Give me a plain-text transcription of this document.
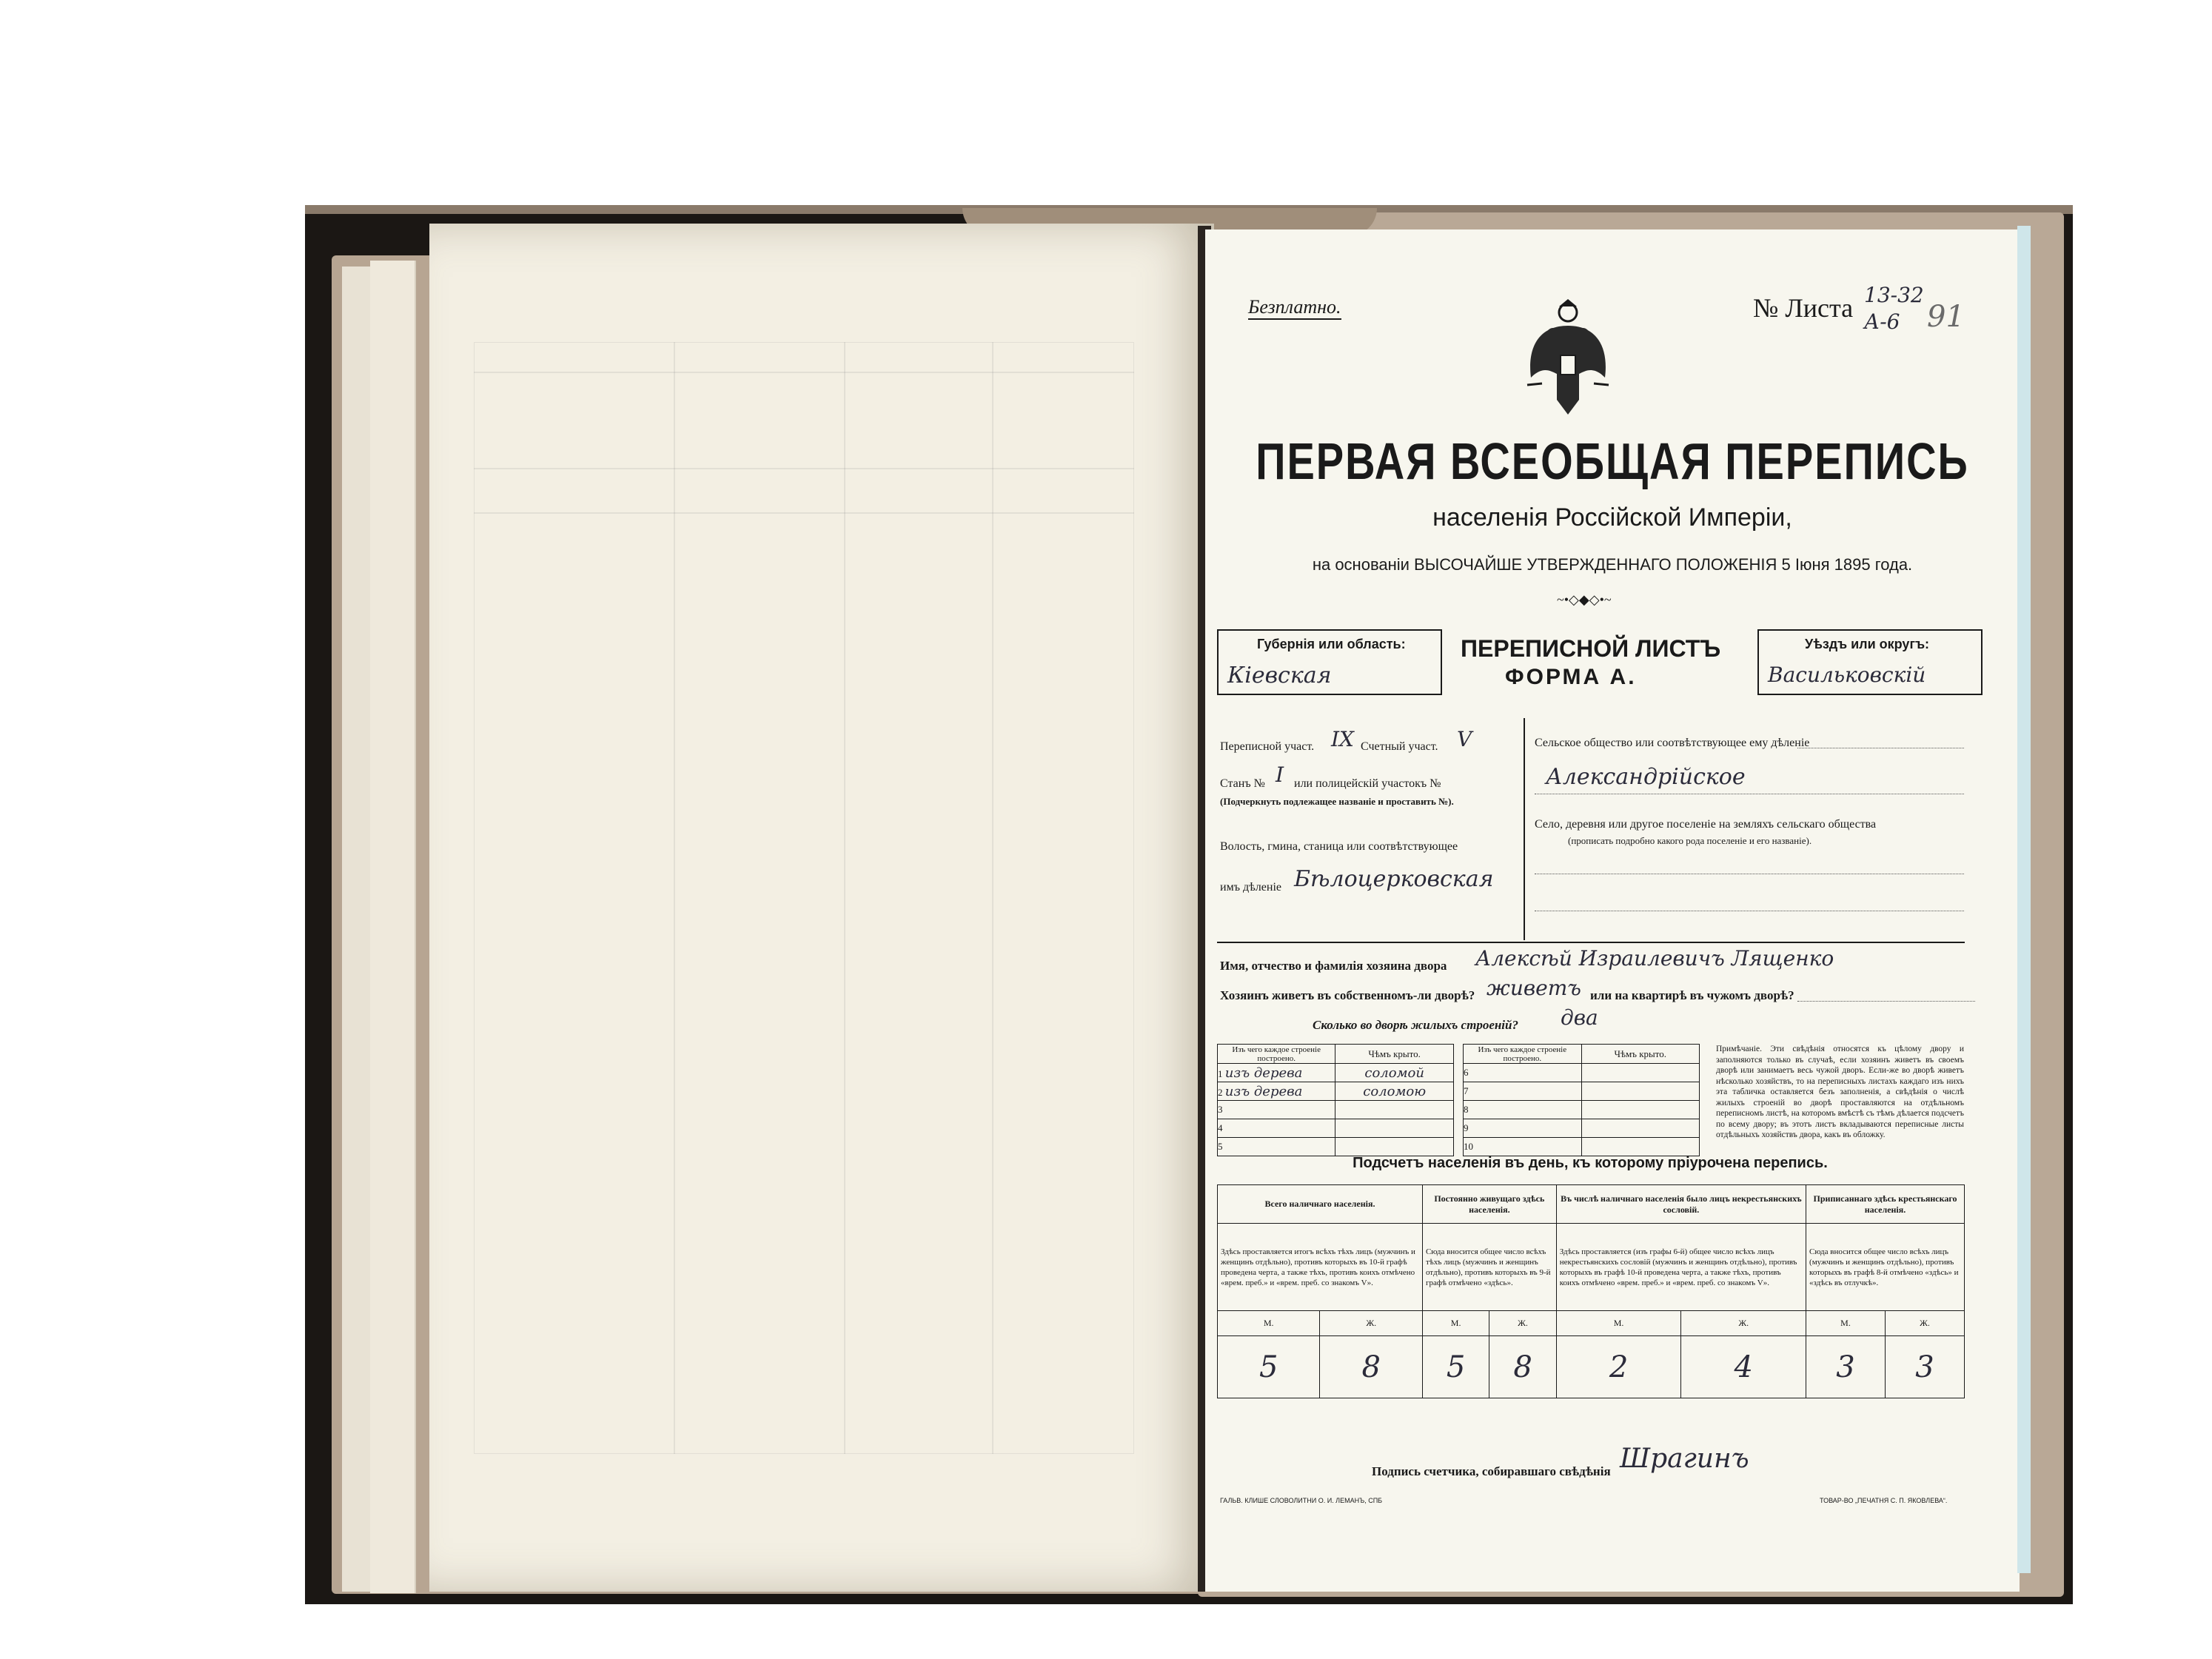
Безплатно.	№ Листа 13-32
А-6 91
ПЕРВАЯ ВСЕОБЩАЯ ПЕРЕПИСЬ
населенія Россійской Имперіи,
на основаніи ВЫСОЧАЙШЕ УТВЕРЖДЕННАГО ПОЛОЖЕНІЯ 5 Іюня 1895 года.
~•◇◆◇•~
Губернія или область:
Кіевская
ПЕРЕПИСНОЙ ЛИСТЪ
ФОРМА А.
Уѣздъ или округъ:
Васильковскій
Переписной участ. IX Счетный участ. V
Станъ № I или полицейскій участокъ №
(Подчеркнуть подлежащее названіе и проставить №).
Волость, гмина, станица или соотвѣтствующее
имъ дѣленіе Бѣлоцерковская
Сельское общество или соотвѣтствующее ему дѣленіе
Александрійское
Село, деревня или другое поселеніе на земляхъ сельскаго общества
(прописать подробно какого рода поселеніе и его названіе).
Имя, отчество и фамилія хозяина двора Алексѣй Израилевичъ Лященко
Хозяинъ живетъ въ собственномъ-ли дворѣ? живетъ или на квартирѣ въ чужомъ дворѣ?
Сколько во дворѣ жилыхъ строеній? два
Изъ чего каждое строеніе построено.	Чѣмъ крыто.
1 изъ дерева	соломой
2 изъ дерева	соломою
3	
4	
5	
Изъ чего каждое строеніе построено.	Чѣмъ крыто.
6	
7	
8	
9	
10	
Примѣчаніе. Эти свѣдѣнія относятся къ цѣлому двору и заполняются только въ случаѣ, если хозяинъ живетъ въ своемъ дворѣ или занимаетъ весь чужой дворъ. Если-же во дворѣ живетъ нѣсколько хозяйствъ, то на переписныхъ листахъ каждаго изъ нихъ эта табличка оставляется безъ заполненія, а свѣдѣнія о числѣ жилыхъ строеній во дворѣ проставляются на отдѣльномъ переписномъ листѣ, на которомъ вмѣстѣ съ тѣмъ дѣлается подсчетъ по всему двору; въ этотъ листъ вкладываются переписные листы отдѣльныхъ хозяйствъ двора, какъ въ обложку.
Подсчетъ населенія въ день, къ которому пріурочена перепись.
Всего наличнаго населенія.		Постоянно живущаго здѣсь населенія.		Въ числѣ наличнаго населенія было лицъ некрестьянскихъ сословій.		Приписаннаго здѣсь крестьянскаго населенія.	
Здѣсь проставляется итогъ всѣхъ тѣхъ лицъ (мужчинъ и женщинъ отдѣльно), противъ которыхъ въ 10-й графѣ проведена черта, а также тѣхъ, противъ коихъ отмѣчено «врем. преб.» и «врем. преб. со знакомъ V».		Сюда вносится общее число всѣхъ тѣхъ лицъ (мужчинъ и женщинъ отдѣльно), противъ которыхъ въ 9-й графѣ отмѣчено «здѣсь».		Здѣсь проставляется (изъ графы 6-й) общее число всѣхъ лицъ некрестьянскихъ сословій (мужчинъ и женщинъ отдѣльно), противъ которыхъ въ графѣ 10-й проведена черта, а также тѣхъ, противъ коихъ отмѣчено «врем. преб.» и «врем. преб. со знакомъ V».		Сюда вносится общее число всѣхъ лицъ (мужчинъ и женщинъ отдѣльно), противъ которыхъ въ графѣ 8-й отмѣчено «здѣсь» и «здѣсь въ отлучкѣ».	
М.	Ж.	М.	Ж.	М.	Ж.	М.	Ж.
5	8	5	8	2	4	3	3
Подпись счетчика, собиравшаго свѣдѣнія Шрагинъ
ГАЛЬВ. КЛИШЕ СЛОВОЛИТНИ О. И. ЛЕМАНЪ, СПБ	ТОВАР-ВО „ПЕЧАТНЯ С. П. ЯКОВЛЕВА“.
